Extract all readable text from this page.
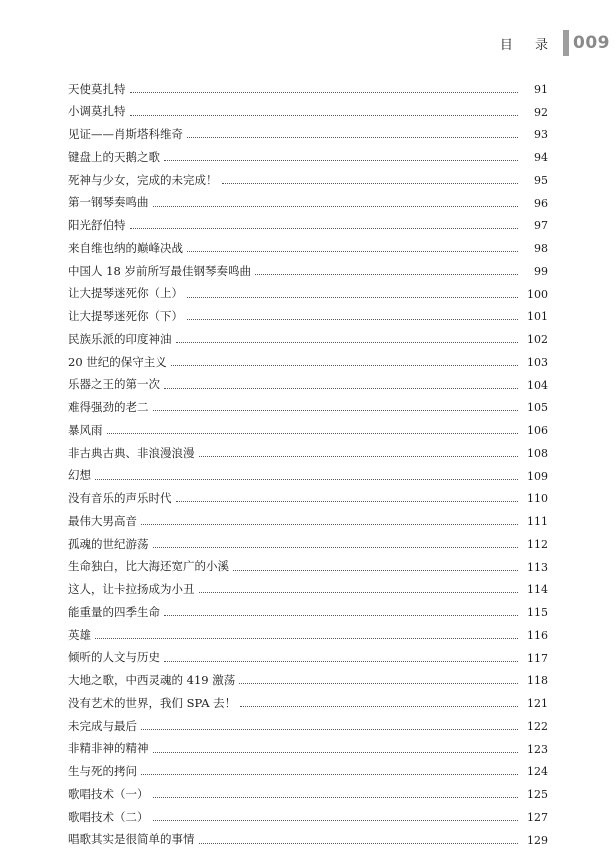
目 录 009
天使莫扎特	91
小调莫扎特	92
见证——肖斯塔科维奇	93
键盘上的天鹅之歌	94
死神与少女，完成的未完成！	95
第一钢琴奏鸣曲	96
阳光舒伯特	97
来自维也纳的巅峰决战	98
中国人 18 岁前所写最佳钢琴奏鸣曲	99
让大提琴迷死你（上）	100
让大提琴迷死你（下）	101
民族乐派的印度神油	102
20 世纪的保守主义	103
乐器之王的第一次	104
难得强劲的老二	105
暴风雨	106
非古典古典、非浪漫浪漫	108
幻想	109
没有音乐的声乐时代	110
最伟大男高音	111
孤魂的世纪游荡	112
生命独白，比大海还宽广的小溪	113
这人，让卡拉扬成为小丑	114
能重量的四季生命	115
英雄	116
倾听的人文与历史	117
大地之歌，中西灵魂的 419 激荡	118
没有艺术的世界，我们 SPA 去！	121
未完成与最后	122
非精非神的精神	123
生与死的拷问	124
歌唱技术（一）	125
歌唱技术（二）	127
唱歌其实是很简单的事情	129
